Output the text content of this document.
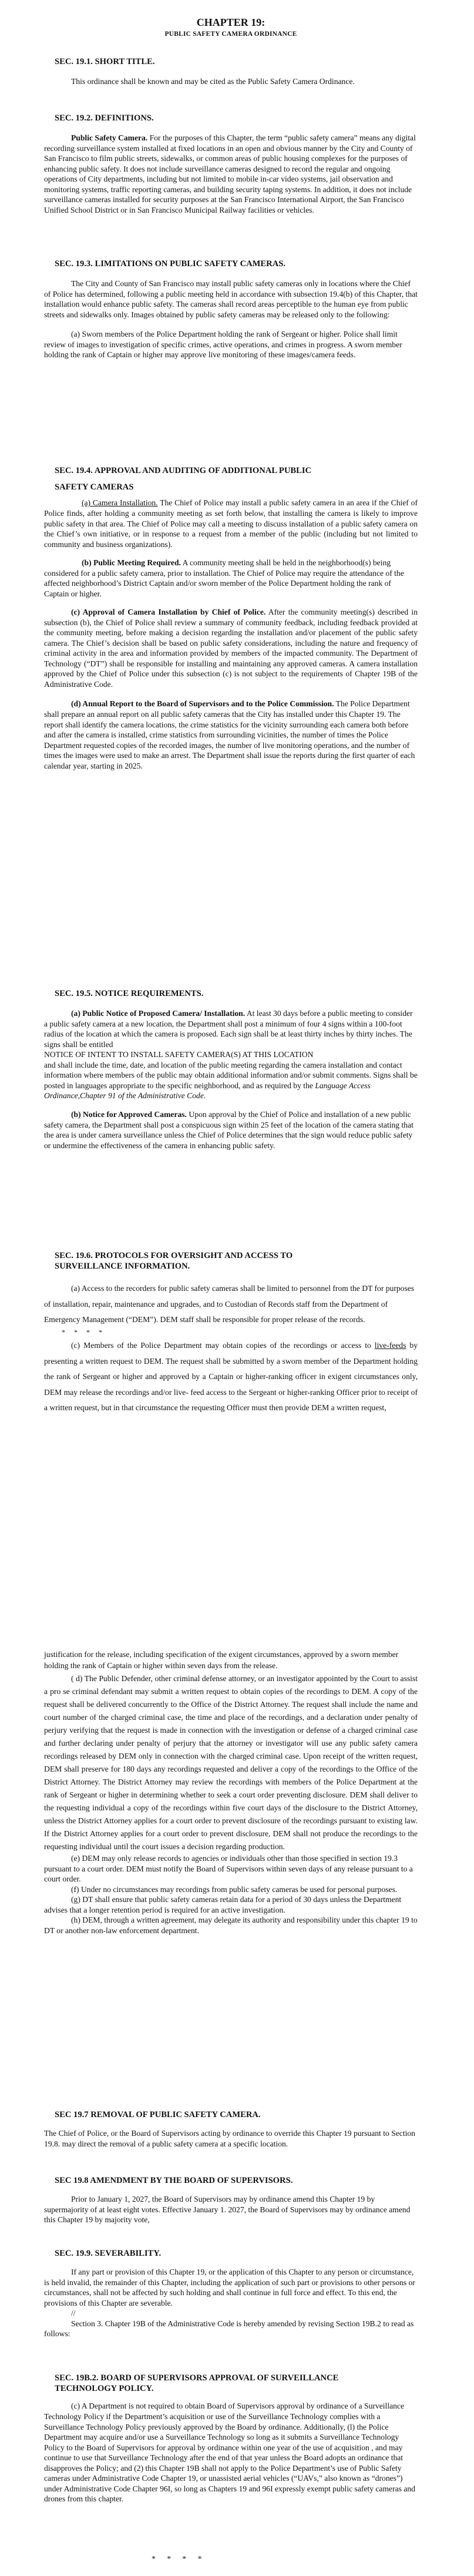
CHAPTER 19:
PUBLIC SAFETY CAMERA ORDINANCE
SEC. 19.1. SHORT TITLE.

This ordinance shall be known and may be cited as the Public Safety Camera Ordinance.

SEC. 19.2. DEFINITIONS.

Public Safety Camera. For the purposes of this Chapter, the term “public safety camera” means any digital recording surveillance system installed at fixed locations in an open and obvious manner by the City and County of San Francisco to film public streets, sidewalks, or common areas of public housing complexes for the purposes of enhancing public safety. It does not include surveillance cameras designed to record the regular and ongoing operations of City departments, including but not limited to mobile in-car video systems, jail observation and monitoring systems, traffic reporting cameras, and building security taping systems. In addition, it does not include surveillance cameras installed for security purposes at the San Francisco International Airport, the San Francisco Unified School District or in San Francisco Municipal Railway facilities or vehicles.

SEC. 19.3. LIMITATIONS ON PUBLIC SAFETY CAMERAS.

The City and County of San Francisco may install public safety cameras only in locations where the Chief of Police has determined, following a public meeting held in accordance with subsection 19.4(b) of this Chapter, that installation would enhance public safety. The cameras shall record areas perceptible to the human eye from public streets and sidewalks only. Images obtained by public safety cameras may be released only to the following:

(a) Sworn members of the Police Department holding the rank of Sergeant or higher. Police shall limit review of images to investigation of specific crimes, active operations, and crimes in progress. A sworn member holding the rank of Captain or higher may approve live monitoring of these images/camera feeds.

SEC. 19.4. APPROVAL AND AUDITING OF ADDITIONAL PUBLIC
SAFETY CAMERAS

(a) Camera Installation. The Chief of Police may install a public safety camera in an area if the Chief of Police finds, after holding a community meeting as set forth below, that installing the camera is likely to improve public safety in that area. The Chief of Police may call a meeting to discuss installation of a public safety camera on the Chief’s own initiative, or in response to a request from a member of the public (including but not limited to community and business organizations).

(b) Public Meeting Required. A community meeting shall be held in the neighborhood(s) being considered for a public safety camera, prior to installation. The Chief of Police may require the attendance of the affected neighborhood’s District Captain and/or sworn member of the Police Department holding the rank of Captain or higher.

(c) Approval of Camera Installation by Chief of Police. After the community meeting(s) described in subsection (b), the Chief of Police shall review a summary of community feedback, including feedback provided at the community meeting, before making a decision regarding the installation and/or placement of the public safety camera. The Chief’s decision shall be based on public safety considerations, including the nature and frequency of criminal activity in the area and information provided by members of the impacted community. The Department of Technology (“DT”) shall be responsible for installing and maintaining any approved cameras. A camera installation approved by the Chief of Police under this subsection (c) is not subject to the requirements of Chapter 19B of the Administrative Code.

(d) Annual Report to the Board of Supervisors and to the Police Commission. The Police Department shall prepare an annual report on all public safety cameras that the City has installed under this Chapter 19. The report shall identify the camera locations, the crime statistics for the vicinity surrounding each camera both before and after the camera is installed, crime statistics from surrounding vicinities, the number of times the Police Department requested copies of the recorded images, the number of live monitoring operations, and the number of times the images were used to make an arrest. The Department shall issue the reports during the first quarter of each calendar year, starting in 2025.

SEC. 19.5. NOTICE REQUIREMENTS.

(a) Public Notice of Proposed Camera/ Installation. At least 30 days before a public meeting to consider a public safety camera at a new location, the Department shall post a minimum of four 4 signs within a 100-foot radius of the location at which the camera is proposed. Each sign shall be at least thirty inches by thirty inches. The signs shall be entitled

NOTICE OF INTENT TO INSTALL SAFETY CAMERA(S) AT THIS LOCATION

and shall include the time, date, and location of the public meeting regarding the camera installation and contact information where members of the public may obtain additional information and/or submit comments. Signs shall be posted in languages appropriate to the specific neighborhood, and as required by the Language Access Ordinance,Chapter 91 of the Administrative Code.

(b) Notice for Approved Cameras. Upon approval by the Chief of Police and installation of a new public safety camera, the Department shall post a conspicuous sign within 25 feet of the location of the camera stating that the area is under camera surveillance unless the Chief of Police determines that the sign would reduce public safety or undermine the effectiveness of the camera in enhancing public safety.

SEC. 19.6. PROTOCOLS FOR OVERSIGHT AND ACCESS TO
SURVEILLANCE INFORMATION.

(a) Access to the recorders for public safety cameras shall be limited to personnel from the DT for purposes of installation, repair, maintenance and upgrades, and to Custodian of Records staff from the Department of Emergency Management (“DEM”). DEM staff shall be responsible for proper release of the records.

* * * *

(c) Members of the Police Department may obtain copies of the recordings or access to live-feeds by presenting a written request to DEM. The request shall be submitted by a sworn member of the Department holding the rank of Sergeant or higher and approved by a Captain or higher-ranking officer in exigent circumstances only, DEM may release the recordings and/or live- feed access to the Sergeant or higher-ranking Officer prior to receipt of a written request, but in that circumstance the requesting Officer must then provide DEM a written request,

justification for the release, including specification of the exigent circumstances, approved by a sworn member holding the rank of Captain or higher within seven days from the release.

( d) The Public Defender, other criminal defense attorney, or an investigator appointed by the Court to assist a pro se criminal defendant may submit a written request to obtain copies of the recordings to DEM. A copy of the request shall be delivered concurrently to the Office of the District Attorney. The request shall include the name and court number of the charged criminal case, the time and place of the recordings, and a declaration under penalty of perjury verifying that the request is made in connection with the investigation or defense of a charged criminal case and further declaring under penalty of perjury that the attorney or investigator will use any public safety camera recordings released by DEM only in connection with the charged criminal case. Upon receipt of the written request, DEM shall preserve for 180 days any recordings requested and deliver a copy of the recordings to the Office of the District Attorney. The District Attorney may review the recordings with members of the Police Department at the rank of Sergeant or higher in determining whether to seek a court order preventing disclosure. DEM shall deliver to the requesting individual a copy of the recordings within five court days of the disclosure to the District Attorney, unless the District Attorney applies for a court order to prevent disclosure of the recordings pursuant to existing law. If the District Attorney applies for a court order to prevent disclosure, DEM shall not produce the recordings to the requesting individual until the court issues a decision regarding production.

(e) DEM may only release records to agencies or individuals other than those specified in section 19.3 pursuant to a court order. DEM must notify the Board of Supervisors within seven days of any release pursuant to a court order.

(f) Under no circumstances may recordings from public safety cameras be used for personal purposes.

(g) DT shall ensure that public safety cameras retain data for a period of 30 days unless the Department advises that a longer retention period is required for an active investigation.

(h) DEM, through a written agreement, may delegate its authority and responsibility under this chapter 19 to DT or another non-law enforcement department.

SEC 19.7 REMOVAL OF PUBLIC SAFETY CAMERA.

The Chief of Police, or the Board of Supervisors acting by ordinance to override this Chapter 19 pursuant to Section 19.8. may direct the removal of a public safety camera at a specific location.

SEC 19.8 AMENDMENT BY THE BOARD OF SUPERVISORS.

Prior to January 1, 2027, the Board of Supervisors may by ordinance amend this Chapter 19 by supermajority of at least eight votes. Effective January 1. 2027, the Board of Supervisors may by ordinance amend this Chapter 19 by majority vote,

SEC. 19.9. SEVERABILITY.

If any part or provision of this Chapter 19, or the application of this Chapter to any person or circumstance, is held invalid, the remainder of this Chapter, including the application of such part or provisions to other persons or circumstances, shall not be affected by such holding and shall continue in full force and effect. To this end, the provisions of this Chapter are severable.

//

Section 3. Chapter 19B of the Administrative Code is hereby amended by revising Section 19B.2 to read as follows:

SEC. 19B.2. BOARD OF SUPERVISORS APPROVAL OF SURVEILLANCE
TECHNOLOGY POLICY.

(c) A Department is not required to obtain Board of Supervisors approval by ordinance of a Surveillance Technology Policy if the Department’s acquisition or use of the Surveillance Technology complies with a Surveillance Technology Policy previously approved by the Board by ordinance. Additionally, (l) the Police Department may acquire and/or use a Surveillance Technology so long as it submits a Surveillance Technology Policy to the Board of Supervisors for approval by ordinance within one year of the use of acquisition , and may continue to use that Surveillance Technology after the end of that year unless the Board adopts an ordinance that disapproves the Policy; and (2) this Chapter 19B shall not apply to the Police Department’s use of Public Safety cameras under Administrative Code Chapter 19, or unassisted aerial vehicles (“UAVs,” also known as “drones”) under Administrative Code Chapter 96I, so long as Chapters 19 and 96I expressly exempt public safety cameras and drones from this chapter.

* * * *
